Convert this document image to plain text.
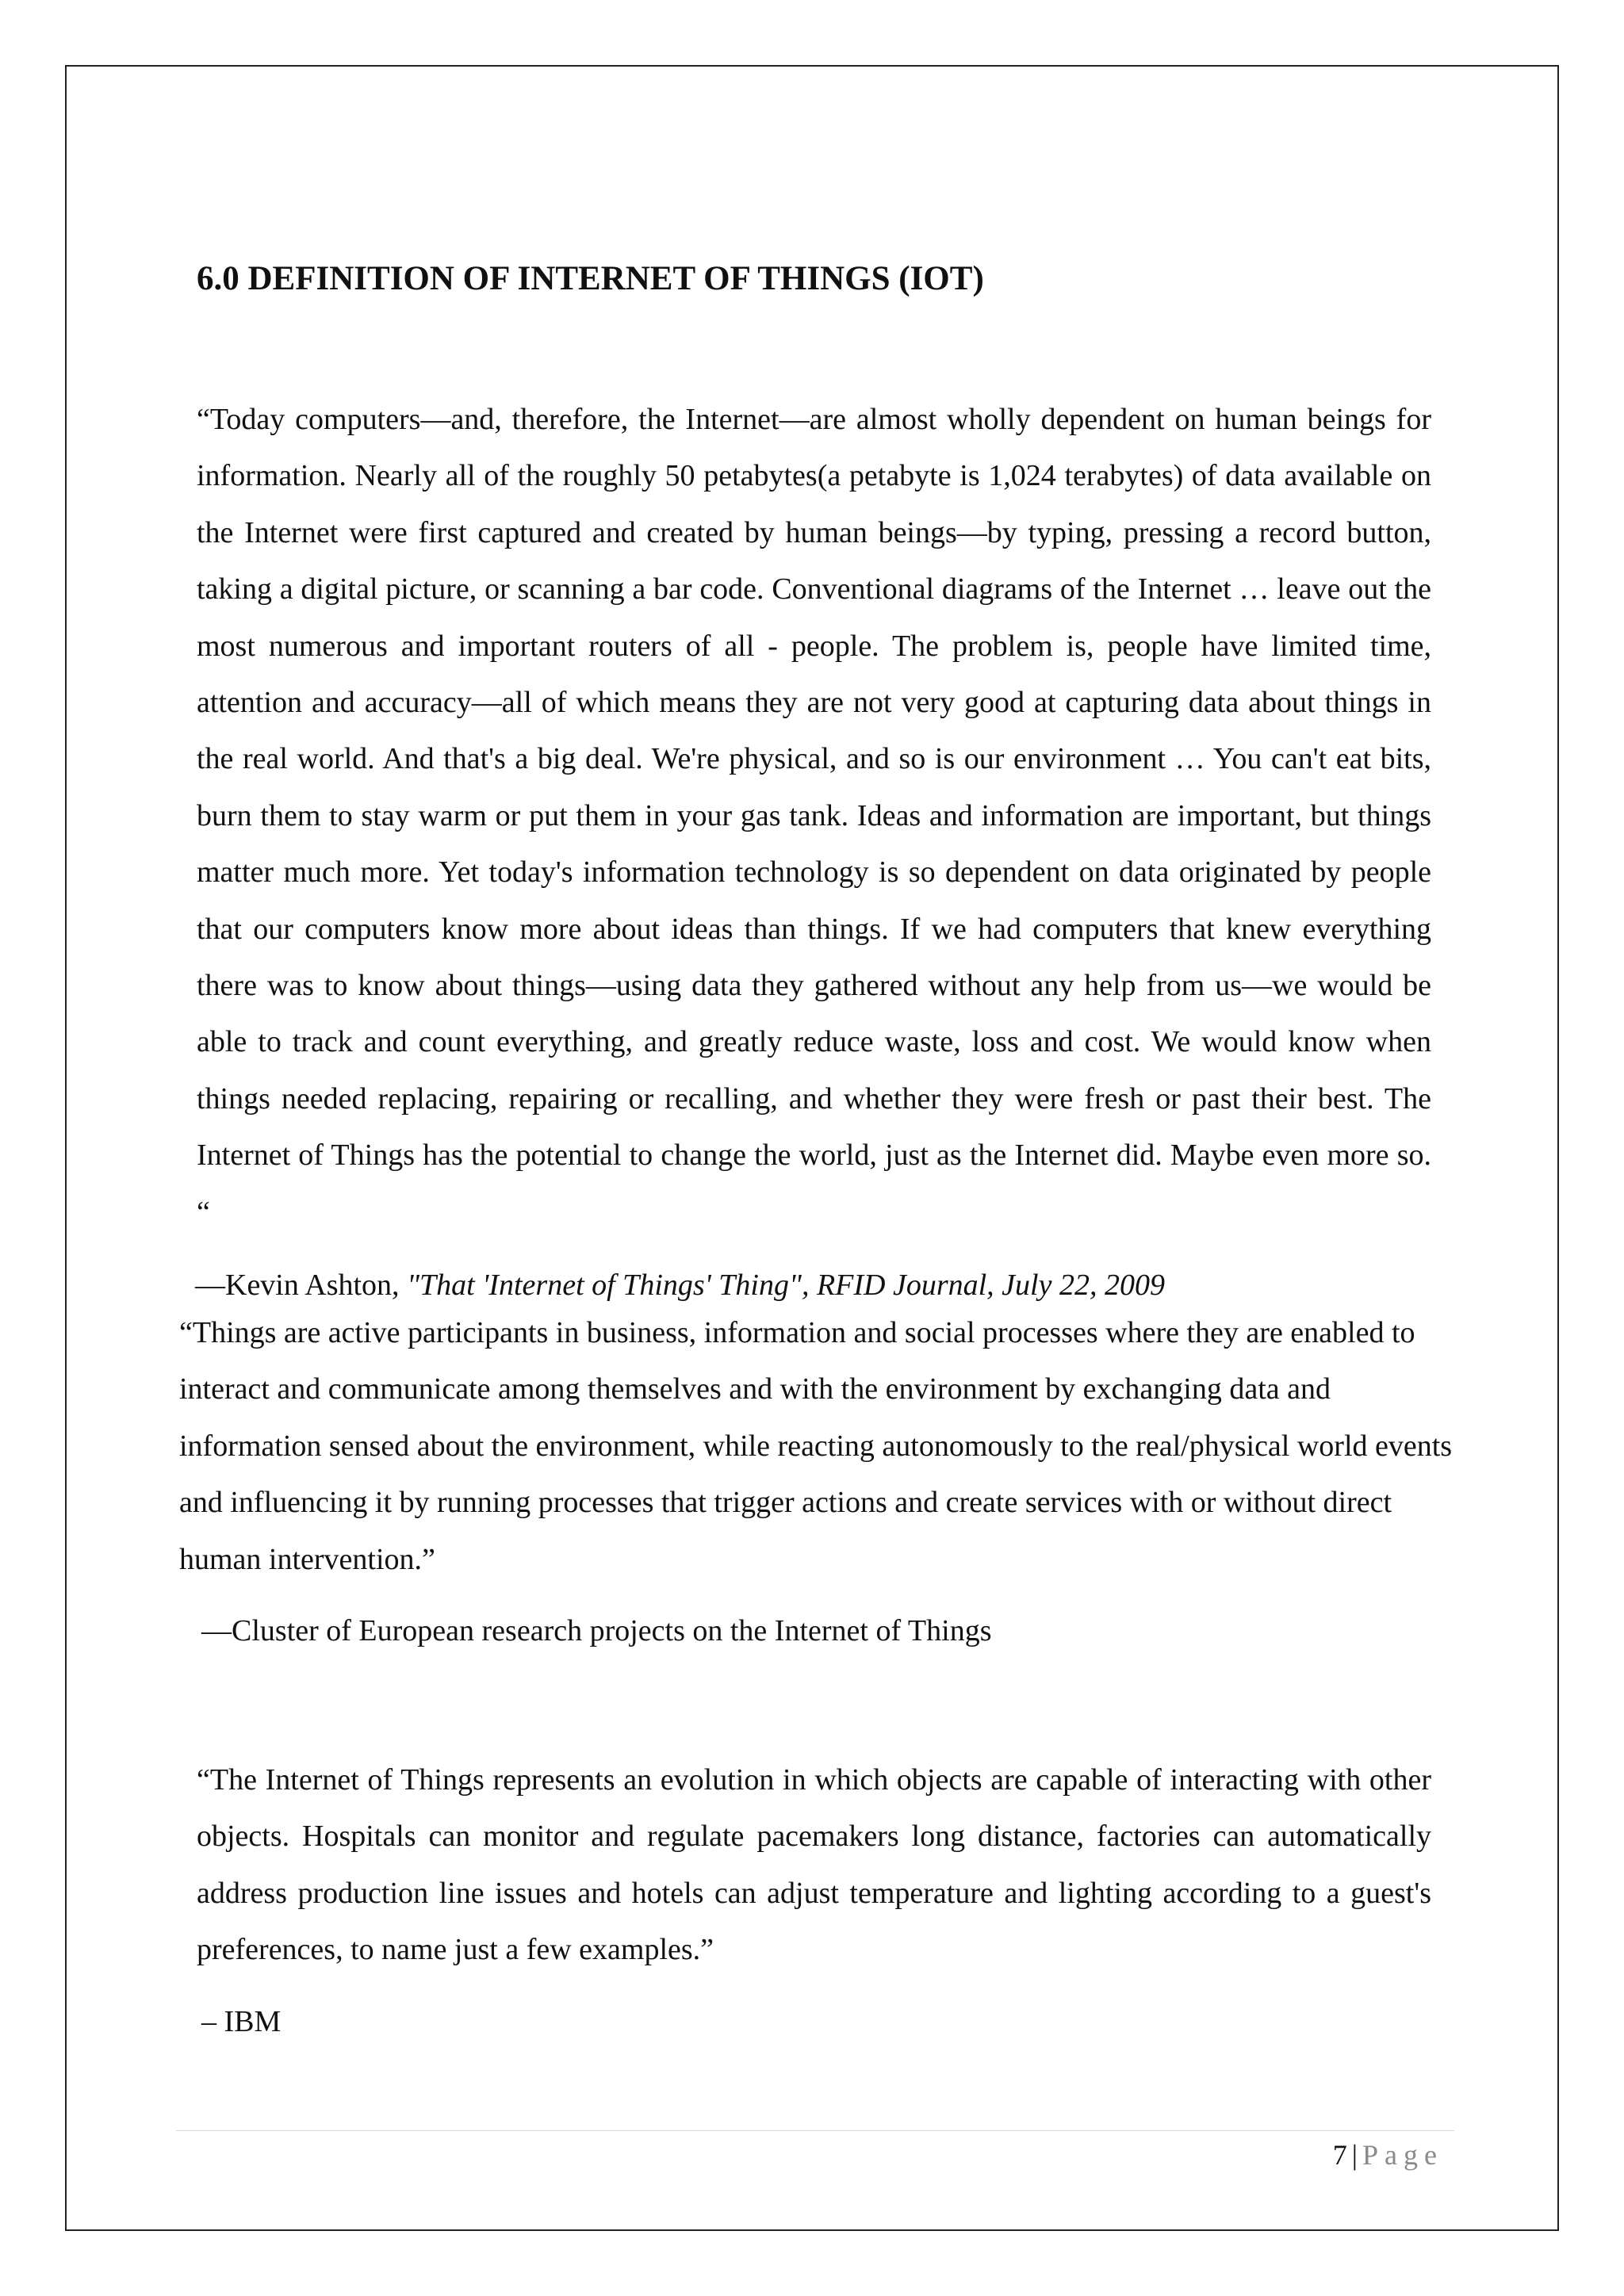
6.0 DEFINITION OF INTERNET OF THINGS (IOT)

“Today computers—and, therefore, the Internet—are almost wholly dependent on human beings for information. Nearly all of the roughly 50 petabytes(a petabyte is 1,024 terabytes) of data available on the Internet were first captured and created by human beings—by typing, pressing a record button, taking a digital picture, or scanning a bar code. Conventional diagrams of the Internet … leave out the most numerous and important routers of all - people. The problem is, people have limited time, attention and accuracy—all of which means they are not very good at capturing data about things in the real world. And that's a big deal. We're physical, and so is our environment … You can't eat bits, burn them to stay warm or put them in your gas tank. Ideas and information are important, but things matter much more. Yet today's information technology is so dependent on data originated by people that our computers know more about ideas than things. If we had computers that knew everything there was to know about things—using data they gathered without any help from us—we would be able to track and count everything, and greatly reduce waste, loss and cost. We would know when things needed replacing, repairing or recalling, and whether they were fresh or past their best. The Internet of Things has the potential to change the world, just as the Internet did. Maybe even more so. “

—Kevin Ashton, "That 'Internet of Things' Thing", RFID Journal, July 22, 2009

“Things are active participants in business, information and social processes where they are enabled to interact and communicate among themselves and with the environment by exchanging data and information sensed about the environment, while reacting autonomously to the real/physical world events and influencing it by running processes that trigger actions and create services with or without direct human intervention.”

—Cluster of European research projects on the Internet of Things

“The Internet of Things represents an evolution in which objects are capable of interacting with other objects. Hospitals can monitor and regulate pacemakers long distance, factories can automatically address production line issues and hotels can adjust temperature and lighting according to a guest's preferences, to name just a few examples.”

– IBM
7 | Page
